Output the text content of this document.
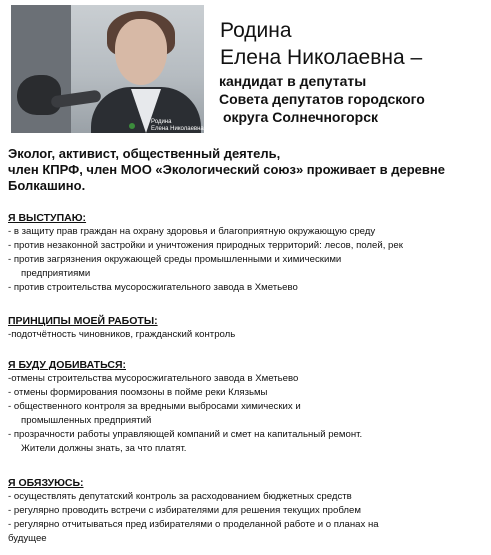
Родина
Елена Николаевна
Родина
Елена Николаевна –
кандидат в депутаты
Совета депутатов городского
округа Солнечногорск
Эколог, активист, общественный деятель,
член КПРФ, член МОО «Экологический союз» проживает в деревне
Болкашино.
Я ВЫСТУПАЮ:
- в защиту прав граждан на охрану здоровья и благоприятную окружающую среду
- против незаконной застройки и уничтожения природных территорий: лесов, полей, рек
- против загрязнения окружающей среды промышленными и химическими
предприятиями
- против строительства мусоросжигательного завода в Хметьево
ПРИНЦИПЫ МОЕЙ РАБОТЫ:
-подотчётность чиновников, гражданский контроль
Я БУДУ ДОБИВАТЬСЯ:
-отмены строительства мусоросжигательного завода в Хметьево
- отмены формирования поомзоны в пойме реки Клязьмы
- общественного контроля за вредными выбросами химических и
промышленных предприятий
- прозрачности работы управляющей компаний и смет на капитальный ремонт.
Жители должны знать, за что платят.
Я ОБЯЗУЮСЬ:
- осуществлять депутатский контроль за расходованием бюджетных средств
- регулярно проводить встречи с избирателями для решения текущих проблем
- регулярно отчитываться пред избирателями о проделанной работе и о планах на
будущее
